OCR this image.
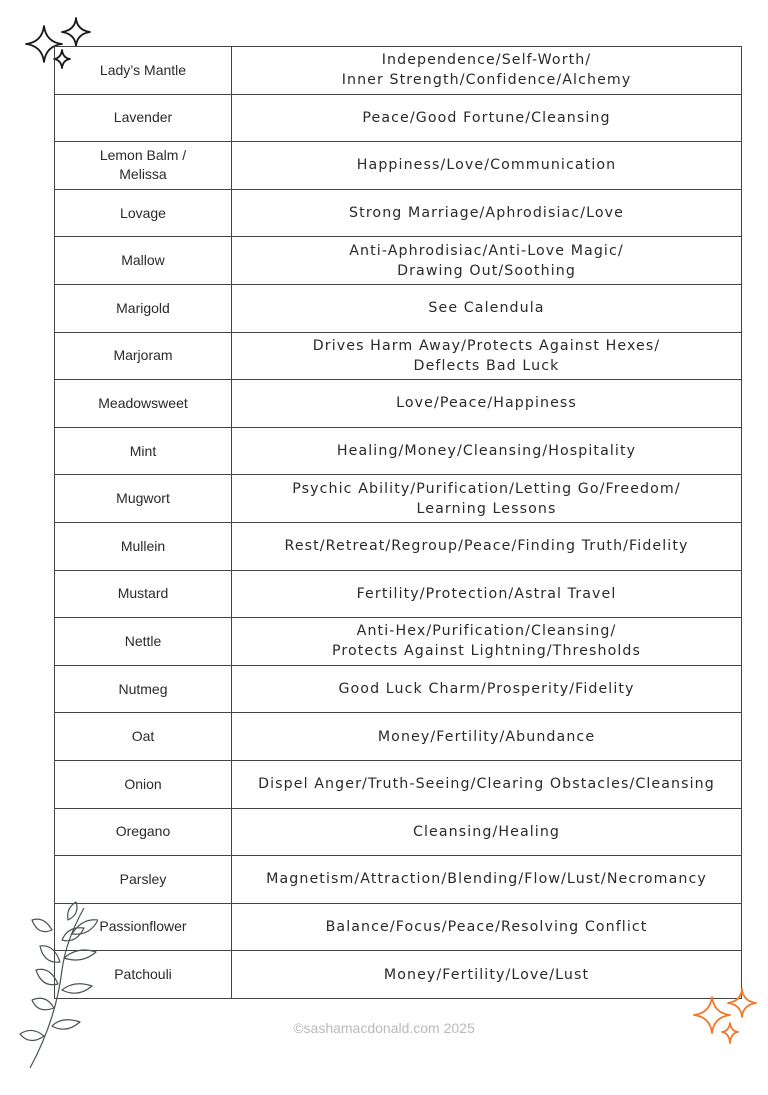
Lady’s Mantle	Independence/Self-Worth/
Inner Strength/Confidence/Alchemy
Lavender	Peace/Good Fortune/Cleansing
Lemon Balm /
Melissa	Happiness/Love/Communication
Lovage	Strong Marriage/Aphrodisiac/Love
Mallow	Anti-Aphrodisiac/Anti-Love Magic/
Drawing Out/Soothing
Marigold	See Calendula
Marjoram	Drives Harm Away/Protects Against Hexes/
Deflects Bad Luck
Meadowsweet	Love/Peace/Happiness
Mint	Healing/Money/Cleansing/Hospitality
Mugwort	Psychic Ability/Purification/Letting Go/Freedom/
Learning Lessons
Mullein	Rest/Retreat/Regroup/Peace/Finding Truth/Fidelity
Mustard	Fertility/Protection/Astral Travel
Nettle	Anti-Hex/Purification/Cleansing/
Protects Against Lightning/Thresholds
Nutmeg	Good Luck Charm/Prosperity/Fidelity
Oat	Money/Fertility/Abundance
Onion	Dispel Anger/Truth-Seeing/Clearing Obstacles/Cleansing
Oregano	Cleansing/Healing
Parsley	Magnetism/Attraction/Blending/Flow/Lust/Necromancy
Passionflower	Balance/Focus/Peace/Resolving Conflict
Patchouli	Money/Fertility/Love/Lust
©sashamacdonald.com 2025
